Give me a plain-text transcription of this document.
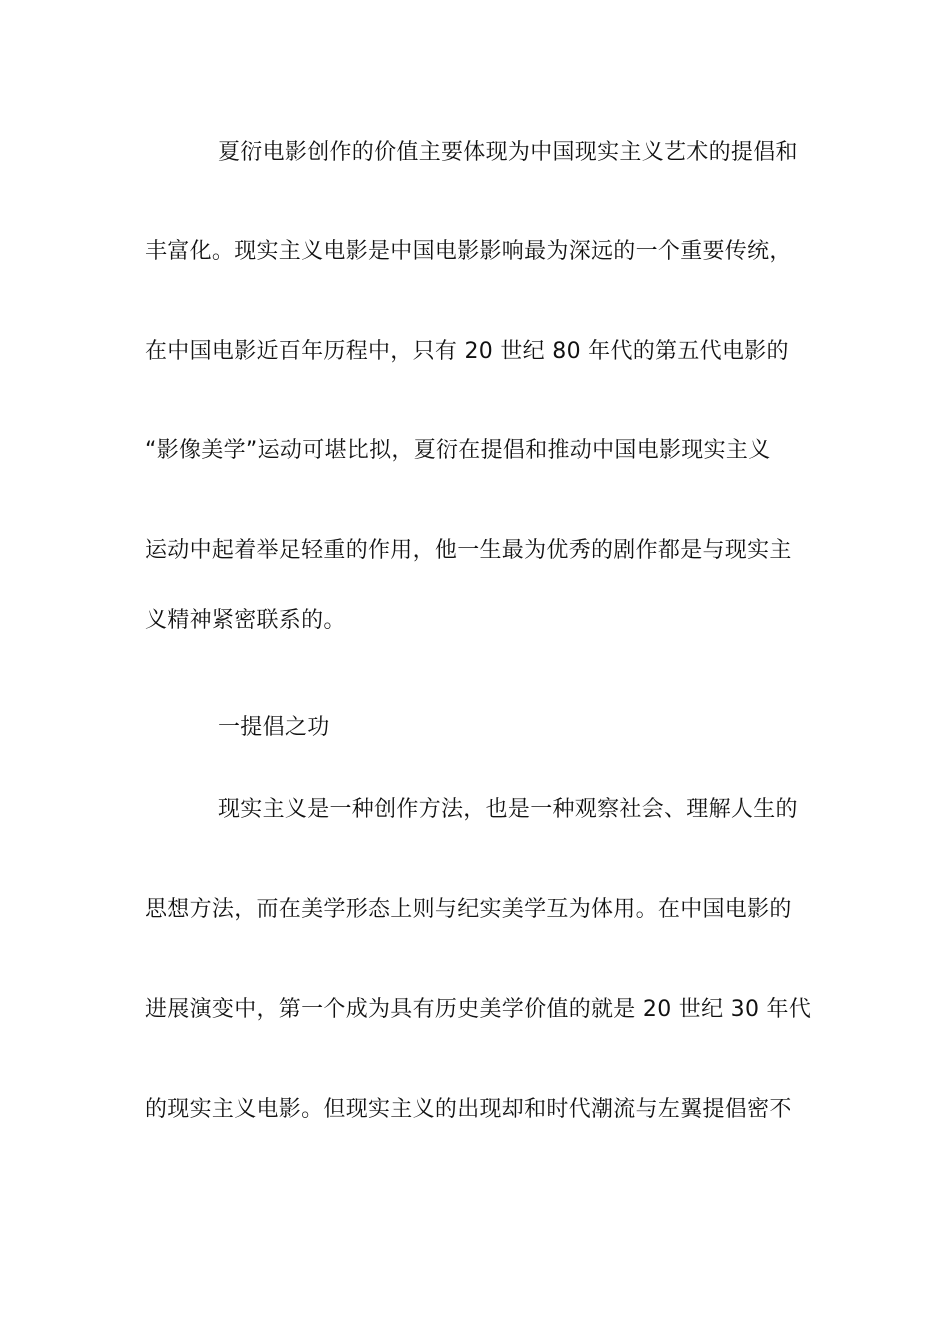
夏衍电影创作的价值主要体现为中国现实主义艺术的提倡和
丰富化。现实主义电影是中国电影影响最为深远的一个重要传统，
在中国电影近百年历程中，只有 20 世纪 80 年代的第五代电影的
“影像美学”运动可堪比拟，夏衍在提倡和推动中国电影现实主义
运动中起着举足轻重的作用，他一生最为优秀的剧作都是与现实主
义精神紧密联系的。
一提倡之功
现实主义是一种创作方法，也是一种观察社会、理解人生的
思想方法，而在美学形态上则与纪实美学互为体用。在中国电影的
进展演变中，第一个成为具有历史美学价值的就是 20 世纪 30 年代
的现实主义电影。但现实主义的出现却和时代潮流与左翼提倡密不
